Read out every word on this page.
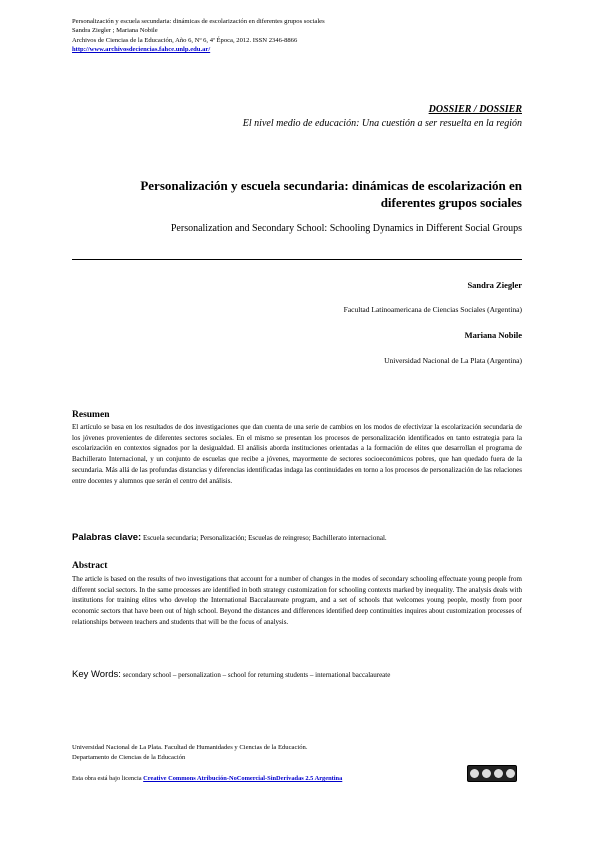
Personalización y escuela secundaria: dinámicas de escolarización en diferentes grupos sociales
Sandra Ziegler ; Mariana Nobile
Archivos de Ciencias de la Educación, Año 6, Nº 6, 4ª Época, 2012. ISSN 2346-8866
http://www.archivosdeciencias.fahce.unlp.edu.ar/
DOSSIER / DOSSIER
El nivel medio de educación: Una cuestión a ser resuelta en la región
Personalización y escuela secundaria: dinámicas de escolarización en
diferentes grupos sociales
Personalization and Secondary School: Schooling Dynamics in Different Social Groups
Sandra Ziegler
Facultad Latinoamericana de Ciencias Sociales (Argentina)
Mariana Nobile
Universidad Nacional de La Plata (Argentina)
Resumen
El artículo se basa en los resultados de dos investigaciones que dan cuenta de una serie de cambios en los modos de efectivizar la escolarización secundaria de los jóvenes provenientes de diferentes sectores sociales. En el mismo se presentan los procesos de personalización identificados en tanto estrategia para la escolarización en contextos signados por la desigualdad. El análisis aborda instituciones orientadas a la formación de elites que desarrollan el programa de Bachillerato Internacional, y un conjunto de escuelas que recibe a jóvenes, mayormente de sectores socioeconómicos pobres, que han quedado fuera de la secundaria. Más allá de las profundas distancias y diferencias identificadas indaga las continuidades en torno a los procesos de personalización de las relaciones entre docentes y alumnos que serán el centro del análisis.
Palabras clave: Escuela secundaria; Personalización; Escuelas de reingreso; Bachillerato internacional.
Abstract
The article is based on the results of two investigations that account for a number of changes in the modes of secondary schooling effectuate young people from different social sectors. In the same processes are identified in both strategy customization for schooling contexts marked by inequality. The analysis deals with institutions for training elites who develop the International Baccalaureate program, and a set of schools that welcomes young people, mostly from poor economic sectors that have been out of high school. Beyond the distances and differences identified deep continuities inquires about customization processes of relationships between teachers and students that will be the focus of analysis.
Key Words: secondary school – personalization – school for returning students – international baccalaureate
Universidad Nacional de La Plata. Facultad de Humanidades y Ciencias de la Educación.
Departamento de Ciencias de la Educación
Esta obra está bajo licencia Creative Commons Atribución-NoComercial-SinDerivadas 2.5 Argentina
